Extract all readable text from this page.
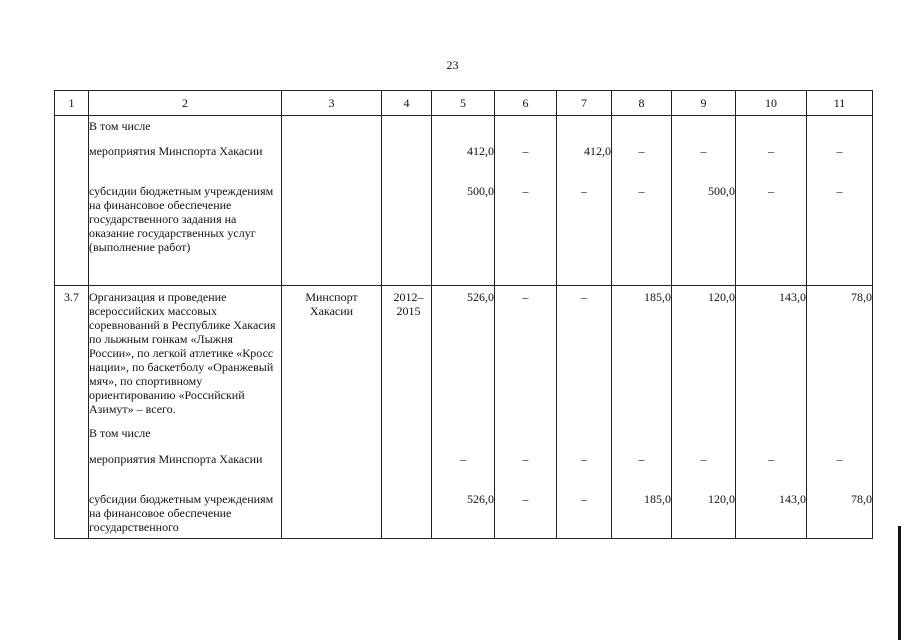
23
1	2	3	4	5	6	7	8	9	10	11
	В том числе									
	мероприятия Минспорта Хакасии			412,0	–	412,0	–	–	–	–
	субсидии бюджетным учреждениям на финансовое обеспечение государственного задания на оказание государственных услуг (выполнение работ)			500,0	–	–	–	500,0	–	–
3.7	Организация и проведение всероссийских массовых соревнований в Республике Хакасия по лыжным гонкам «Лыжня России», по легкой атлетике «Кросс нации», по баскетболу «Оранжевый мяч», по спортивному ориентированию «Российский Азимут» – всего.	Минспорт Хакасии	2012–2015	526,0	–	–	185,0	120,0	143,0	78,0
	В том числе									
	мероприятия Минспорта Хакасии			–	–	–	–	–	–	–
	субсидии бюджетным учреждениям на финансовое обеспечение государственного			526,0	–	–	185,0	120,0	143,0	78,0
